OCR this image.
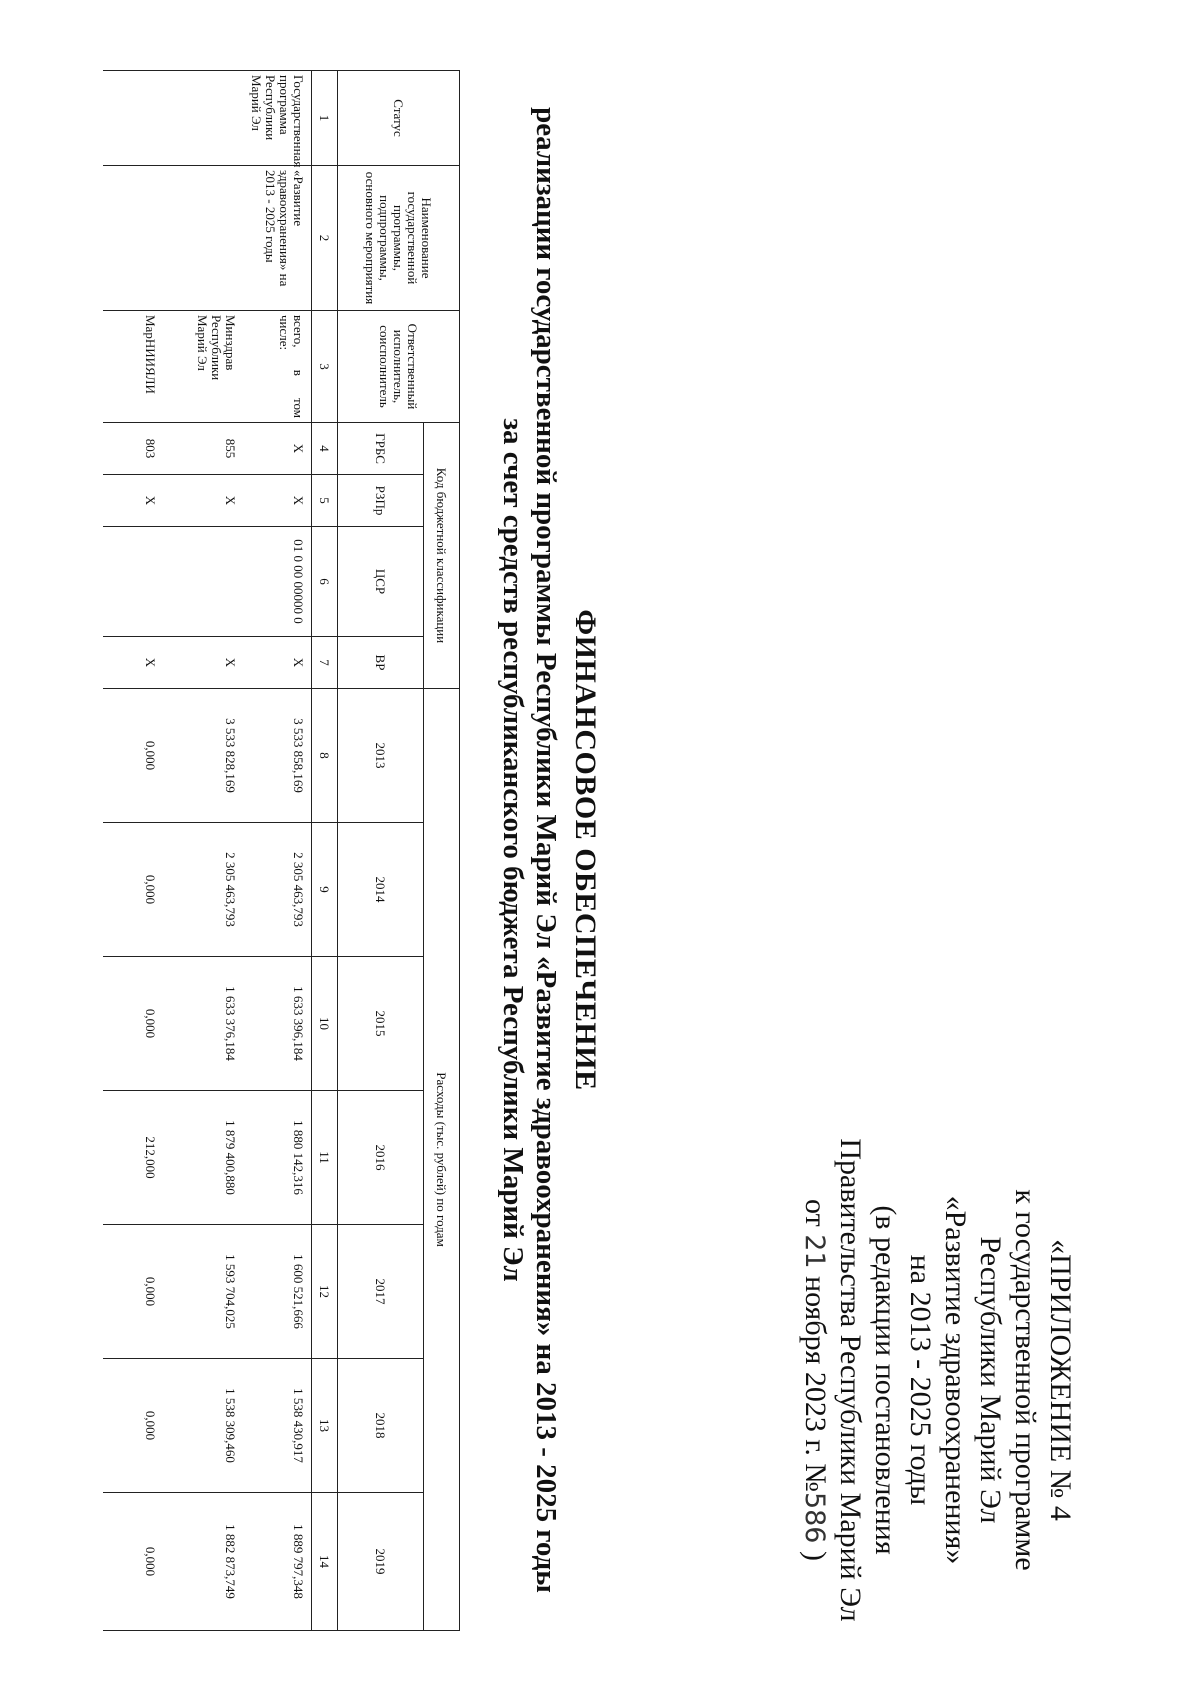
«ПРИЛОЖЕНИЕ № 4
к государственной программе
Республики Марий Эл
«Развитие здравоохранения»
на 2013 - 2025 годы
(в редакции постановления
Правительства Республики Марий Эл
от 21 ноября 2023 г. №586 )
ФИНАНСОВОЕ ОБЕСПЕЧЕНИЕ
реализации государственной программы Республики Марий Эл «Развитие здравоохранения» на 2013 - 2025 годы
за счет средств республиканского бюджета Республики Марий Эл
Статус	Наименование государственной программы, подпрограммы, основного мероприятия	Ответственный исполнитель, соисполнитель	Код бюджетной классификации				Расходы (тыс. рублей) по годам						
			ГРБС	РЗПр	ЦСР	ВР	2013	2014	2015	2016	2017	2018	2019
1	2	3	4	5	6	7	8	9	10	11	12	13	14
Государственная программа Республики Марий Эл	«Развитие здравоохранения» на 2013 - 2025 годы	всего, в том числе:	X	X	01 0 00 00000 0	X	3 533 858,169	2 305 463,793	1 633 396,184	1 880 142,316	1 600 521,666	1 538 430,917	1 889 797,348
		Минздрав Республики Марий Эл	855	X		X	3 533 828,169	2 305 463,793	1 633 376,184	1 879 400,880	1 593 704,025	1 538 309,460	1 882 873,749
		МарНИИЯЛИ	803	X		X	0,000	0,000	0,000	212,000	0,000	0,000	0,000
